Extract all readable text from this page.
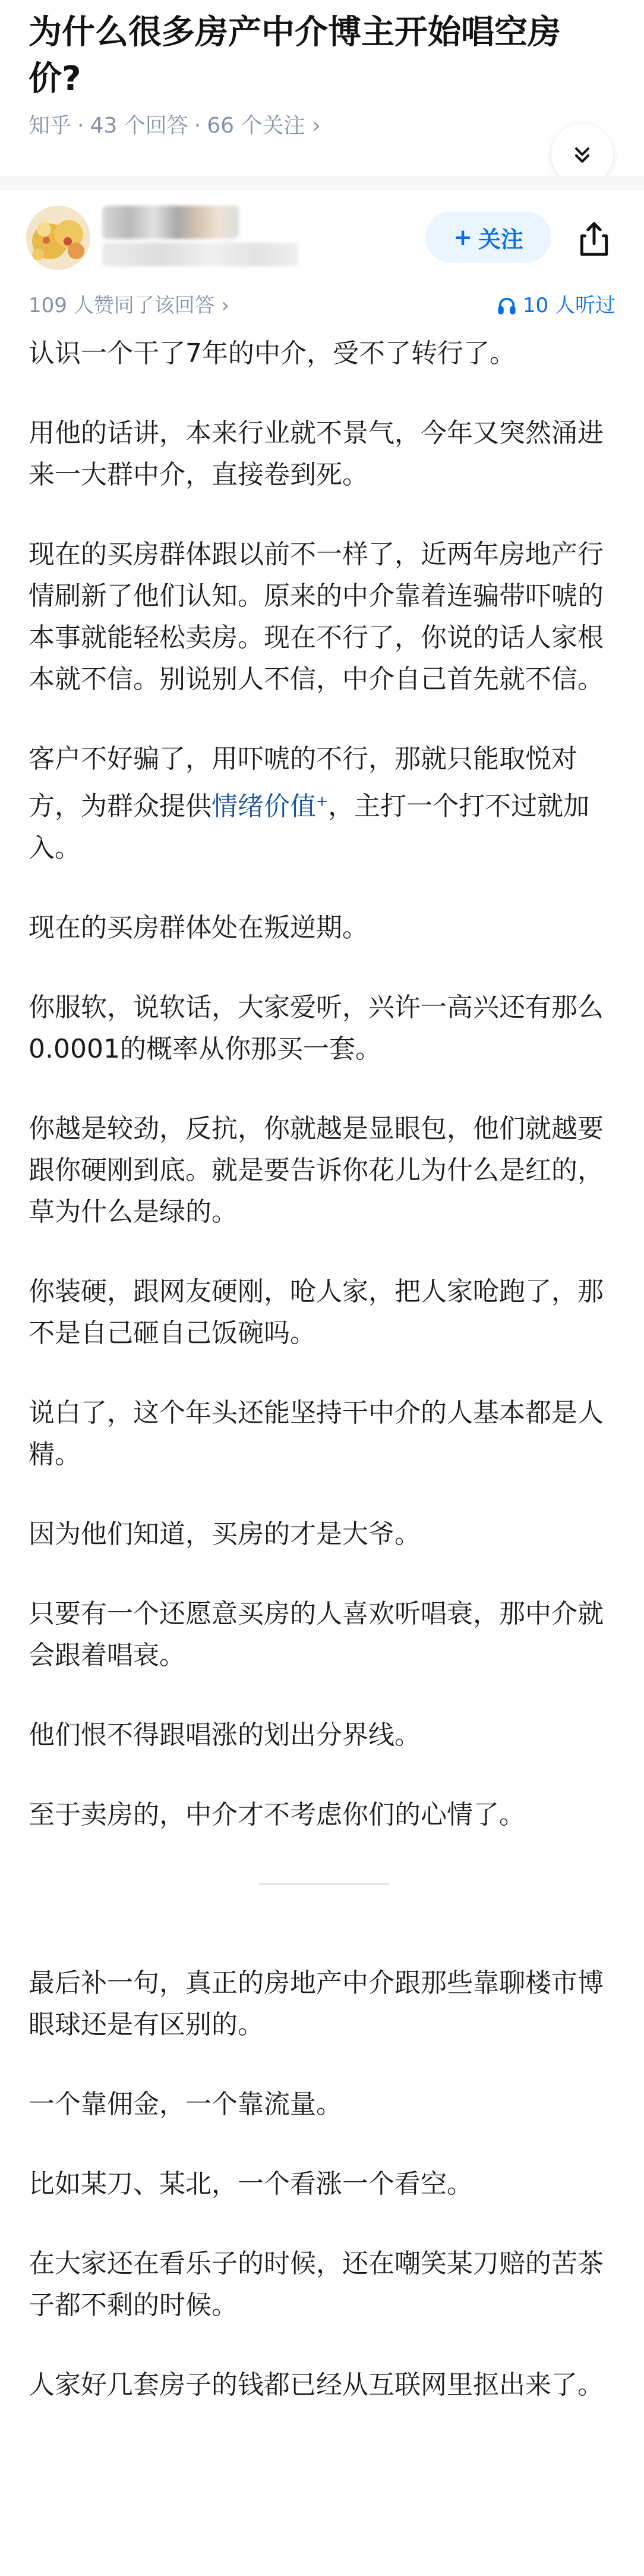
为什么很多房产中介博主开始唱空房价?
知乎 · 43 个回答 · 66 个关注 ›
+ 关注
109 人赞同了该回答 ›	10 人听过

认识一个干了7年的中介，受不了转行了。

用他的话讲，本来行业就不景气，今年又突然涌进来一大群中介，直接卷到死。

现在的买房群体跟以前不一样了，近两年房地产行情刷新了他们认知。原来的中介靠着连骗带吓唬的本事就能轻松卖房。现在不行了，你说的话人家根本就不信。别说别人不信，中介自己首先就不信。

客户不好骗了，用吓唬的不行，那就只能取悦对方，为群众提供情绪价值+，主打一个打不过就加入。

现在的买房群体处在叛逆期。

你服软，说软话，大家爱听，兴许一高兴还有那么0.0001的概率从你那买一套。

你越是较劲，反抗，你就越是显眼包，他们就越要跟你硬刚到底。就是要告诉你花儿为什么是红的，草为什么是绿的。

你装硬，跟网友硬刚，呛人家，把人家呛跑了，那不是自己砸自己饭碗吗。

说白了，这个年头还能坚持干中介的人基本都是人精。

因为他们知道，买房的才是大爷。

只要有一个还愿意买房的人喜欢听唱衰，那中介就会跟着唱衰。

他们恨不得跟唱涨的划出分界线。

至于卖房的，中介才不考虑你们的心情了。

最后补一句，真正的房地产中介跟那些靠聊楼市博眼球还是有区别的。

一个靠佣金，一个靠流量。

比如某刀、某北，一个看涨一个看空。

在大家还在看乐子的时候，还在嘲笑某刀赔的苦茶子都不剩的时候。

人家好几套房子的钱都已经从互联网里抠出来了。
